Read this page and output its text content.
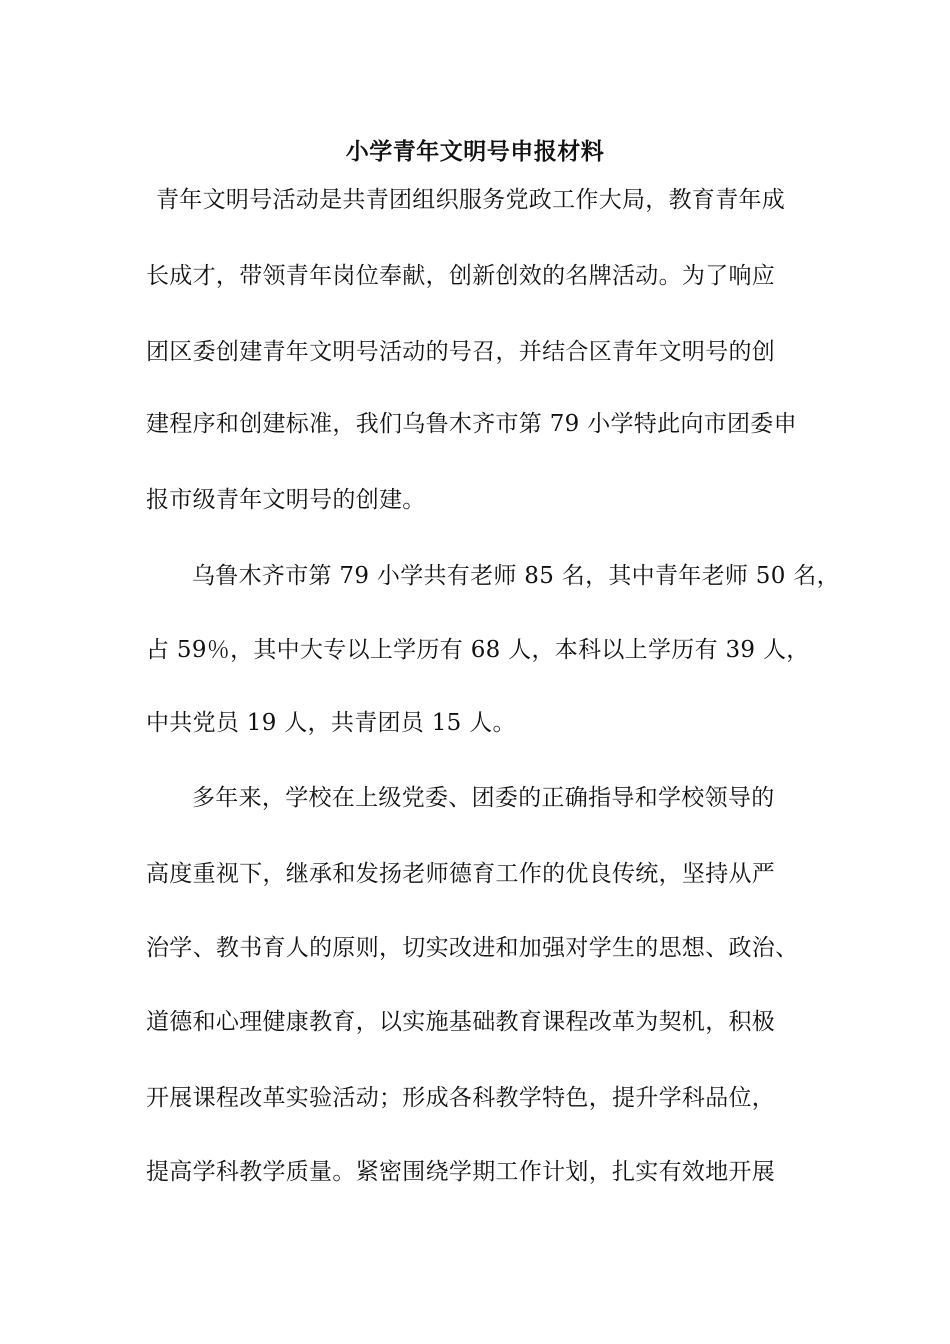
小学青年文明号申报材料
青年文明号活动是共青团组织服务党政工作大局，教育青年成
长成才，带领青年岗位奉献，创新创效的名牌活动。为了响应
团区委创建青年文明号活动的号召，并结合区青年文明号的创
建程序和创建标准，我们乌鲁木齐市第 79 小学特此向市团委申
报市级青年文明号的创建。
乌鲁木齐市第 79 小学共有老师 85 名，其中青年老师 50 名，
占 59％，其中大专以上学历有 68 人，本科以上学历有 39 人，
中共党员 19 人，共青团员 15 人。
多年来，学校在上级党委、团委的正确指导和学校领导的
高度重视下，继承和发扬老师德育工作的优良传统，坚持从严
治学、教书育人的原则，切实改进和加强对学生的思想、政治、
道德和心理健康教育，以实施基础教育课程改革为契机，积极
开展课程改革实验活动；形成各科教学特色，提升学科品位，
提高学科教学质量。紧密围绕学期工作计划，扎实有效地开展
